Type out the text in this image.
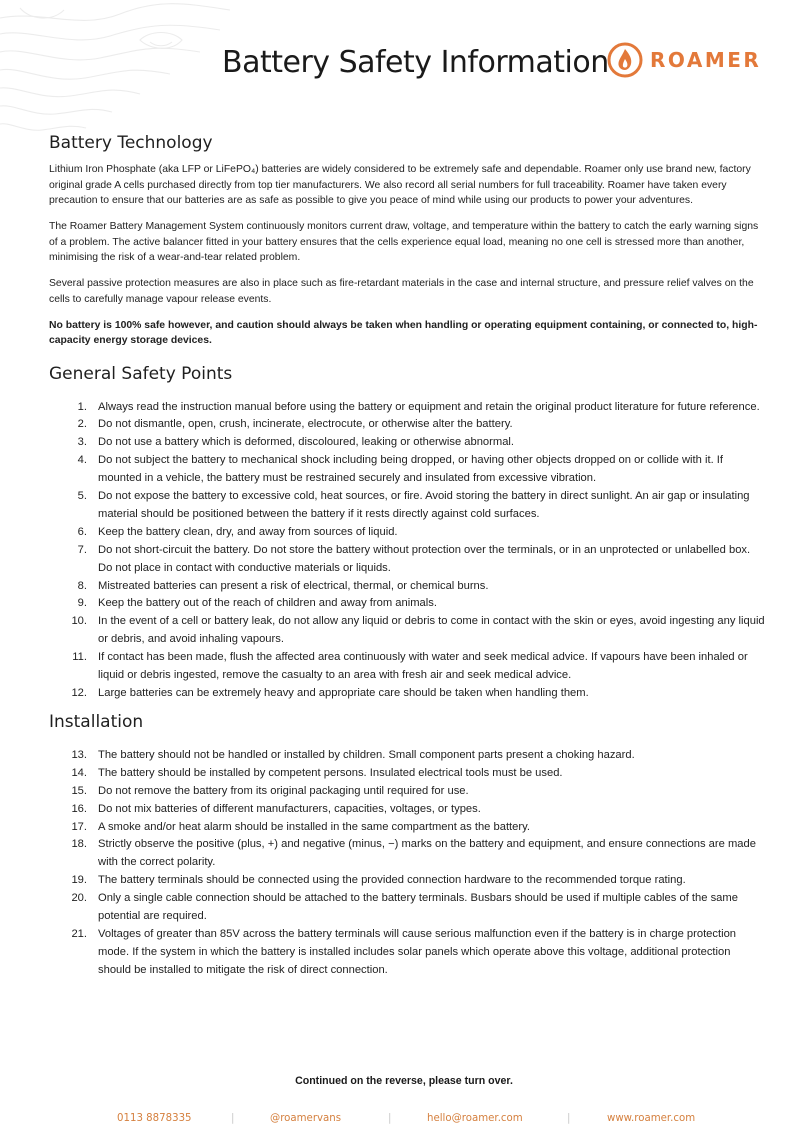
Battery Safety Information ROAMER
Battery Technology

Lithium Iron Phosphate (aka LFP or LiFePO₄) batteries are widely considered to be extremely safe and dependable. Roamer only use brand new, factory original grade A cells purchased directly from top tier manufacturers. We also record all serial numbers for full traceability. Roamer have taken every precaution to ensure that our batteries are as safe as possible to give you peace of mind while using our products to power your adventures.

The Roamer Battery Management System continuously monitors current draw, voltage, and temperature within the battery to catch the early warning signs of a problem. The active balancer fitted in your battery ensures that the cells experience equal load, meaning no one cell is stressed more than another, minimising the risk of a wear-and-tear related problem.

Several passive protection measures are also in place such as fire-retardant materials in the case and internal structure, and pressure relief valves on the cells to carefully manage vapour release events.

No battery is 100% safe however, and caution should always be taken when handling or operating equipment containing, or connected to, high-capacity energy storage devices.

General Safety Points
1. Always read the instruction manual before using the battery or equipment and retain the original product literature for future reference.
2. Do not dismantle, open, crush, incinerate, electrocute, or otherwise alter the battery.
3. Do not use a battery which is deformed, discoloured, leaking or otherwise abnormal.
4. Do not subject the battery to mechanical shock including being dropped, or having other objects dropped on or collide with it. If mounted in a vehicle, the battery must be restrained securely and insulated from excessive vibration.
5. Do not expose the battery to excessive cold, heat sources, or fire. Avoid storing the battery in direct sunlight. An air gap or insulating material should be positioned between the battery if it rests directly against cold surfaces.
6. Keep the battery clean, dry, and away from sources of liquid.
7. Do not short-circuit the battery. Do not store the battery without protection over the terminals, or in an unprotected or unlabelled box. Do not place in contact with conductive materials or liquids.
8. Mistreated batteries can present a risk of electrical, thermal, or chemical burns.
9. Keep the battery out of the reach of children and away from animals.
10. In the event of a cell or battery leak, do not allow any liquid or debris to come in contact with the skin or eyes, avoid ingesting any liquid or debris, and avoid inhaling vapours.
11. If contact has been made, flush the affected area continuously with water and seek medical advice. If vapours have been inhaled or liquid or debris ingested, remove the casualty to an area with fresh air and seek medical advice.
12. Large batteries can be extremely heavy and appropriate care should be taken when handling them.
Installation
13. The battery should not be handled or installed by children. Small component parts present a choking hazard.
14. The battery should be installed by competent persons. Insulated electrical tools must be used.
15. Do not remove the battery from its original packaging until required for use.
16. Do not mix batteries of different manufacturers, capacities, voltages, or types.
17. A smoke and/or heat alarm should be installed in the same compartment as the battery.
18. Strictly observe the positive (plus, +) and negative (minus, −) marks on the battery and equipment, and ensure connections are made with the correct polarity.
19. The battery terminals should be connected using the provided connection hardware to the recommended torque rating.
20. Only a single cable connection should be attached to the battery terminals. Busbars should be used if multiple cables of the same potential are required.
21. Voltages of greater than 85V across the battery terminals will cause serious malfunction even if the battery is in charge protection mode. If the system in which the battery is installed includes solar panels which operate above this voltage, additional protection should be installed to mitigate the risk of direct connection.
Continued on the reverse, please turn over.
0113 8878335	|	@roamervans	|	hello@roamer.com	|	www.roamer.com
